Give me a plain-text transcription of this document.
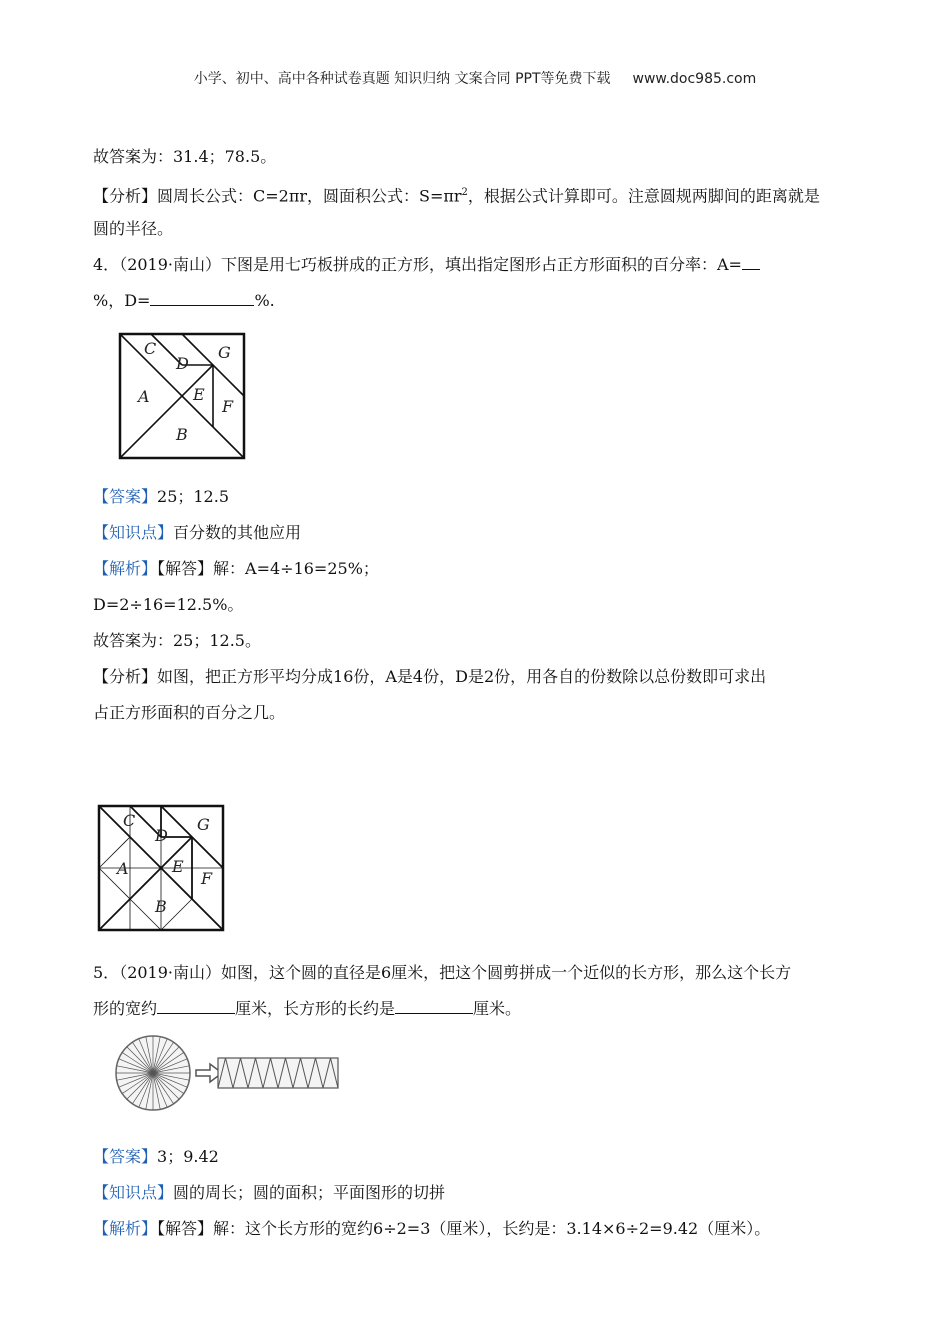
小学、初中、高中各种试卷真题 知识归纳 文案合同 PPT等免费下载 www.doc985.com
故答案为：31.4；78.5。
【分析】圆周长公式：C=2πr，圆面积公式：$S=\pi r^2$，根据公式计算即可。注意圆规两脚间的距离就是
圆的半径。
4．（2019·南山）下图是用七巧板拼成的正方形，填出指定图形占正方形面积的百分率：A=
%，D=	%.
C
D
G
A	E
F
B
【答案】25；12.5
【知识点】百分数的其他应用
【解析】【解答】解：A=4÷16=25%；
D=2÷16=12.5%。
故答案为：25；12.5。
【分析】如图，把正方形平均分成16份，A是4份，D是2份，用各自的份数除以总份数即可求出
占正方形面积的百分之几。
C
D
G
A	E
F
B
5．（2019·南山）如图，这个圆的直径是6厘米，把这个圆剪拼成一个近似的长方形，那么这个长方
形的宽约	厘米，长方形的长约是	厘米。
【答案】3；9.42
【知识点】圆的周长；圆的面积；平面图形的切拼
【解析】【解答】解：这个长方形的宽约6÷2=3（厘米），长约是：3.14×6÷2=9.42（厘米）。
